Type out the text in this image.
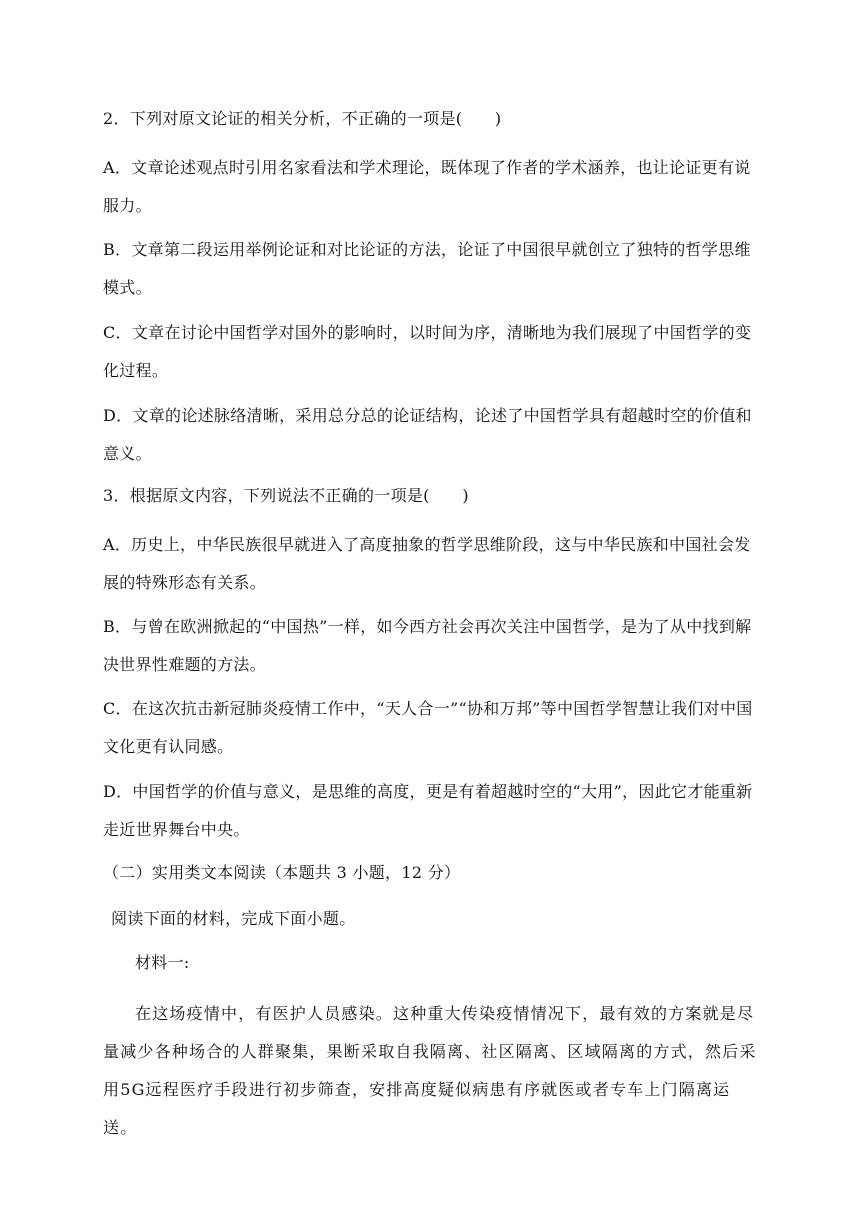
2．下列对原文论证的相关分析，不正确的一项是(　　)

A．文章论述观点时引用名家看法和学术理论，既体现了作者的学术涵养，也让论证更有说服力。

B．文章第二段运用举例论证和对比论证的方法，论证了中国很早就创立了独特的哲学思维模式。

C．文章在讨论中国哲学对国外的影响时，以时间为序，清晰地为我们展现了中国哲学的变化过程。

D．文章的论述脉络清晰，采用总分总的论证结构，论述了中国哲学具有超越时空的价值和意义。

3．根据原文内容，下列说法不正确的一项是(　　)

A．历史上，中华民族很早就进入了高度抽象的哲学思维阶段，这与中华民族和中国社会发展的特殊形态有关系。

B．与曾在欧洲掀起的“中国热”一样，如今西方社会再次关注中国哲学，是为了从中找到解决世界性难题的方法。

C．在这次抗击新冠肺炎疫情工作中，“天人合一”“协和万邦”等中国哲学智慧让我们对中国文化更有认同感。

D．中国哲学的价值与意义，是思维的高度，更是有着超越时空的“大用”，因此它才能重新走近世界舞台中央。

（二）实用类文本阅读（本题共 3 小题，12 分）

阅读下面的材料，完成下面小题。

材料一:

在这场疫情中，有医护人员感染。这种重大传染疫情情况下，最有效的方案就是尽量减少各种场合的人群聚集，果断采取自我隔离、社区隔离、区域隔离的方式，然后采用5G远程医疗手段进行初步筛查，安排高度疑似病患有序就医或者专车上门隔离运送。
